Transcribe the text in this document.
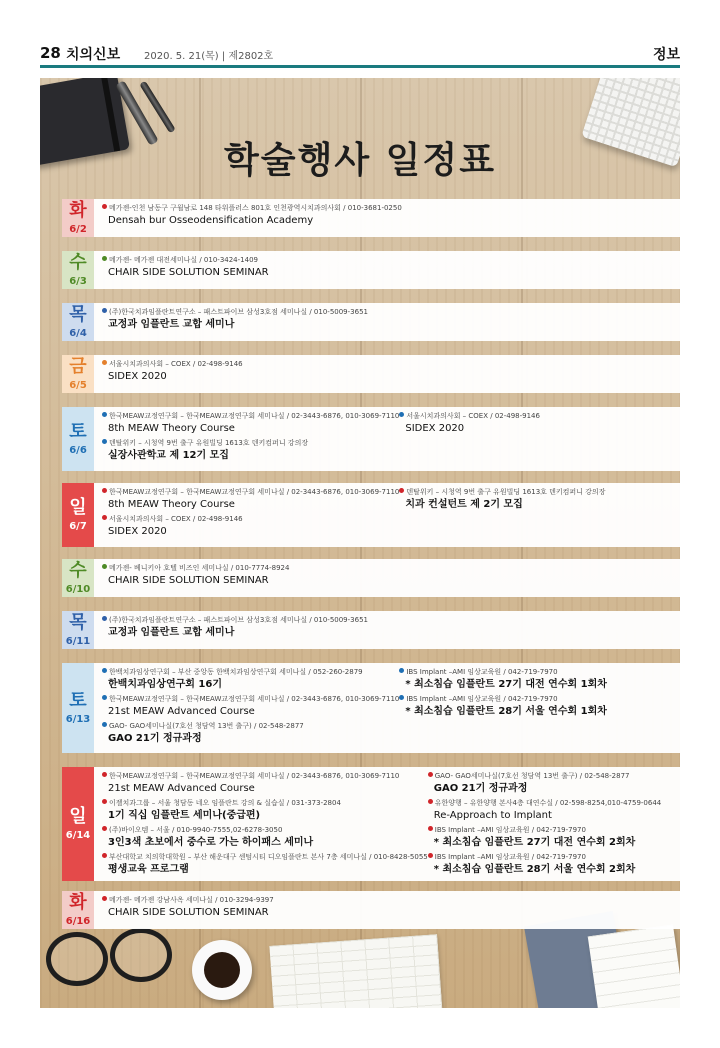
28 치의신보 2020. 5. 21(목) | 제2802호	정보
학술행사 일정표
화
6/2
메가젠-인천 남동구 구월남로 148 타워플러스 801호 인천광역시치과의사회 / 010-3681-0250
Densah bur Osseodensification Academy
수
6/3
메가젠- 메가젠 대전세미나실 / 010-3424-1409
CHAIR SIDE SOLUTION SEMINAR
목
6/4
(주)한국치과임플란트연구소 – 패스트파이브 삼성3호점 세미나실 / 010-5009-3651
교정과 임플란트 교합 세미나
금
6/5
서울시치과의사회 – COEX / 02-498-9146
SIDEX 2020
토
6/6
한국MEAW교정연구회 – 한국MEAW교정연구회 세미나실 / 02-3443-6876, 010-3069-7110
8th MEAW Theory Course
덴탈위키 – 시청역 9번 출구 유원빌딩 1613호 덴키컴퍼니 강의장
실장사관학교 제 12기 모집
서울시치과의사회 – COEX / 02-498-9146
SIDEX 2020
일
6/7
한국MEAW교정연구회 – 한국MEAW교정연구회 세미나실 / 02-3443-6876, 010-3069-7110
8th MEAW Theory Course
서울시치과의사회 – COEX / 02-498-9146
SIDEX 2020
덴탈위키 – 시청역 9번 출구 유원빌딩 1613호 덴키컴퍼니 강의장
치과 컨설턴트 제 2기 모집
수
6/10
메가젠- 베니키아 호텔 비즈인 세미나실 / 010-7774-8924
CHAIR SIDE SOLUTION SEMINAR
목
6/11
(주)한국치과임플란트연구소 – 패스트파이브 삼성3호점 세미나실 / 010-5009-3651
교정과 임플란트 교합 세미나
토
6/13
한백치과임상연구회 – 부산 중앙동 한백치과임상연구회 세미나실 / 052-260-2879
한백치과임상연구회 16기
한국MEAW교정연구회 – 한국MEAW교정연구회 세미나실 / 02-3443-6876, 010-3069-7110
21st MEAW Advanced Course
GAO- GAO세미나실(7호선 청담역 13번 출구) / 02-548-2877
GAO 21기 정규과정
IBS Implant –AMI 임상교육원 / 042-719-7970
* 최소침습 임플란트 27기 대전 연수회 1회차
IBS Implant –AMI 임상교육원 / 042-719-7970
* 최소침습 임플란트 28기 서울 연수회 1회차
일
6/14
한국MEAW교정연구회 – 한국MEAW교정연구회 세미나실 / 02-3443-6876, 010-3069-7110
21st MEAW Advanced Course
이젤치과그룹 – 서울 청담동 네오 임플란트 강의 & 실습실 / 031-373-2804
1기 직십 임플란트 세미나(중급편)
(주)바이오템 – 서울 / 010-9940-7555,02-6278-3050
3인3색 초보에서 중수로 가는 하이패스 세미나
부산대학교 치의학대학원 – 부산 해운대구 센텀시티 디오임플란트 본사 7층 세미나실 / 010-8428-5055
평생교육 프로그램
GAO- GAO세미나실(7호선 청담역 13번 출구) / 02-548-2877
GAO 21기 정규과정
유한양행 – 유한양행 본사4층 대연수실 / 02-598-8254,010-4759-0644
Re-Approach to Implant
IBS Implant –AMI 임상교육원 / 042-719-7970
* 최소침습 임플란트 27기 대전 연수회 2회차
IBS Implant –AMI 임상교육원 / 042-719-7970
* 최소침습 임플란트 28기 서울 연수회 2회차
화
6/16
메가젠- 메가젠 강남사옥 세미나실 / 010-3294-9397
CHAIR SIDE SOLUTION SEMINAR
